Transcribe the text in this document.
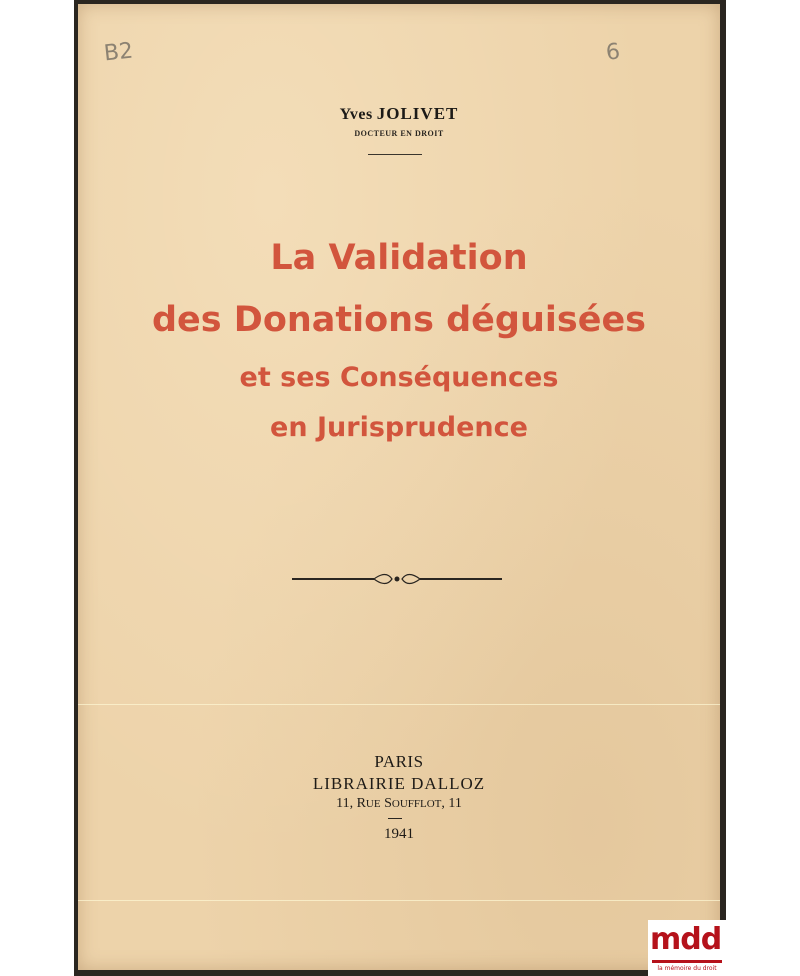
B2	6
Yves JOLIVET
DOCTEUR EN DROIT
La Validation
des Donations déguisées
et ses Conséquences
en Jurisprudence
PARIS
LIBRAIRIE DALLOZ
11, RUE SOUFFLOT, 11
1941
mdd
la mémoire du droit
